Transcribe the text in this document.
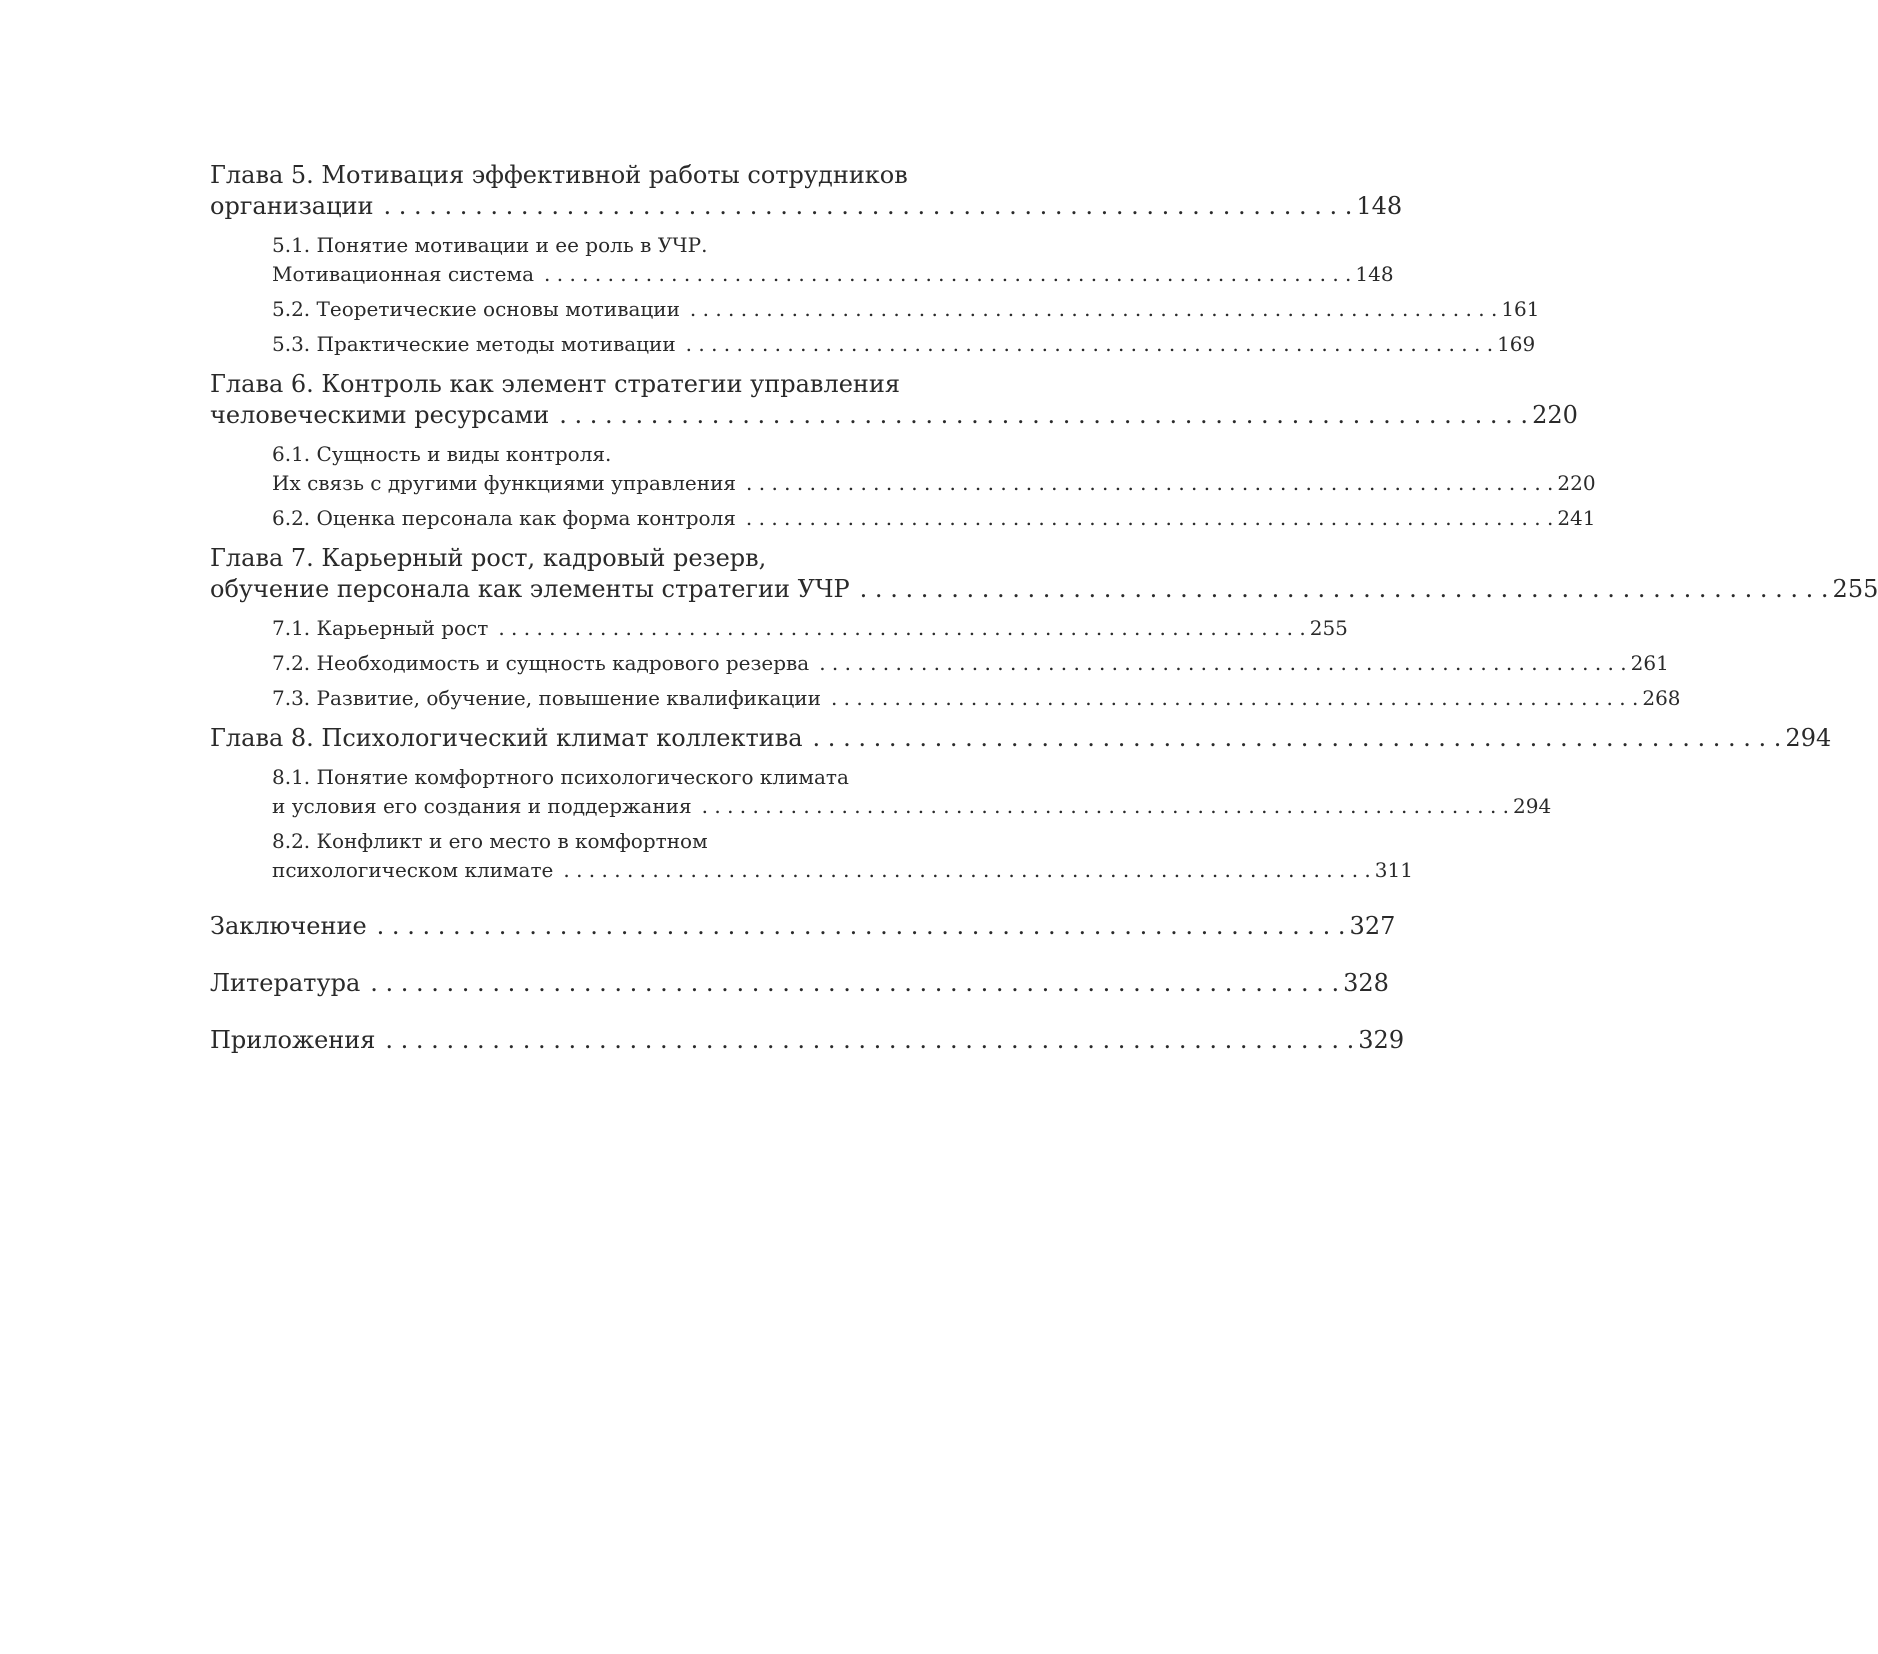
Глава 5. Мотивация эффективной работы сотрудников
организации . . . . . . . . . . . . . . . . . . . . . . . . . . . . . . . . . . . . . . . . . . . . . . . . . . . . . . . . . . . . . . . . 148
5.1. Понятие мотивации и ее роль в УЧР.
Мотивационная система . . . . . . . . . . . . . . . . . . . . . . . . . . . . . . . . . . . . . . . . . . . . . . . . . . . . . . . . . . . . . . . . 148
5.2. Теоретические основы мотивации . . . . . . . . . . . . . . . . . . . . . . . . . . . . . . . . . . . . . . . . . . . . . . . . . . . . . . . . . . . . . . . . 161
5.3. Практические методы мотивации . . . . . . . . . . . . . . . . . . . . . . . . . . . . . . . . . . . . . . . . . . . . . . . . . . . . . . . . . . . . . . . . 169
Глава 6. Контроль как элемент стратегии управления
человеческими ресурсами . . . . . . . . . . . . . . . . . . . . . . . . . . . . . . . . . . . . . . . . . . . . . . . . . . . . . . . . . . . . . . . . 220
6.1. Сущность и виды контроля.
Их связь с другими функциями управления . . . . . . . . . . . . . . . . . . . . . . . . . . . . . . . . . . . . . . . . . . . . . . . . . . . . . . . . . . . . . . . . 220
6.2. Оценка персонала как форма контроля . . . . . . . . . . . . . . . . . . . . . . . . . . . . . . . . . . . . . . . . . . . . . . . . . . . . . . . . . . . . . . . . 241
Глава 7. Карьерный рост, кадровый резерв,
обучение персонала как элементы стратегии УЧР . . . . . . . . . . . . . . . . . . . . . . . . . . . . . . . . . . . . . . . . . . . . . . . . . . . . . . . . . . . . . . . . 255
7.1. Карьерный рост . . . . . . . . . . . . . . . . . . . . . . . . . . . . . . . . . . . . . . . . . . . . . . . . . . . . . . . . . . . . . . . . 255
7.2. Необходимость и сущность кадрового резерва . . . . . . . . . . . . . . . . . . . . . . . . . . . . . . . . . . . . . . . . . . . . . . . . . . . . . . . . . . . . . . . . 261
7.3. Развитие, обучение, повышение квалификации . . . . . . . . . . . . . . . . . . . . . . . . . . . . . . . . . . . . . . . . . . . . . . . . . . . . . . . . . . . . . . . . 268
Глава 8. Психологический климат коллектива . . . . . . . . . . . . . . . . . . . . . . . . . . . . . . . . . . . . . . . . . . . . . . . . . . . . . . . . . . . . . . . . 294
8.1. Понятие комфортного психологического климата
и условия его создания и поддержания . . . . . . . . . . . . . . . . . . . . . . . . . . . . . . . . . . . . . . . . . . . . . . . . . . . . . . . . . . . . . . . . 294
8.2. Конфликт и его место в комфортном
психологическом климате . . . . . . . . . . . . . . . . . . . . . . . . . . . . . . . . . . . . . . . . . . . . . . . . . . . . . . . . . . . . . . . . 311
Заключение . . . . . . . . . . . . . . . . . . . . . . . . . . . . . . . . . . . . . . . . . . . . . . . . . . . . . . . . . . . . . . . . 327
Литература . . . . . . . . . . . . . . . . . . . . . . . . . . . . . . . . . . . . . . . . . . . . . . . . . . . . . . . . . . . . . . . . 328
Приложения . . . . . . . . . . . . . . . . . . . . . . . . . . . . . . . . . . . . . . . . . . . . . . . . . . . . . . . . . . . . . . . . 329
